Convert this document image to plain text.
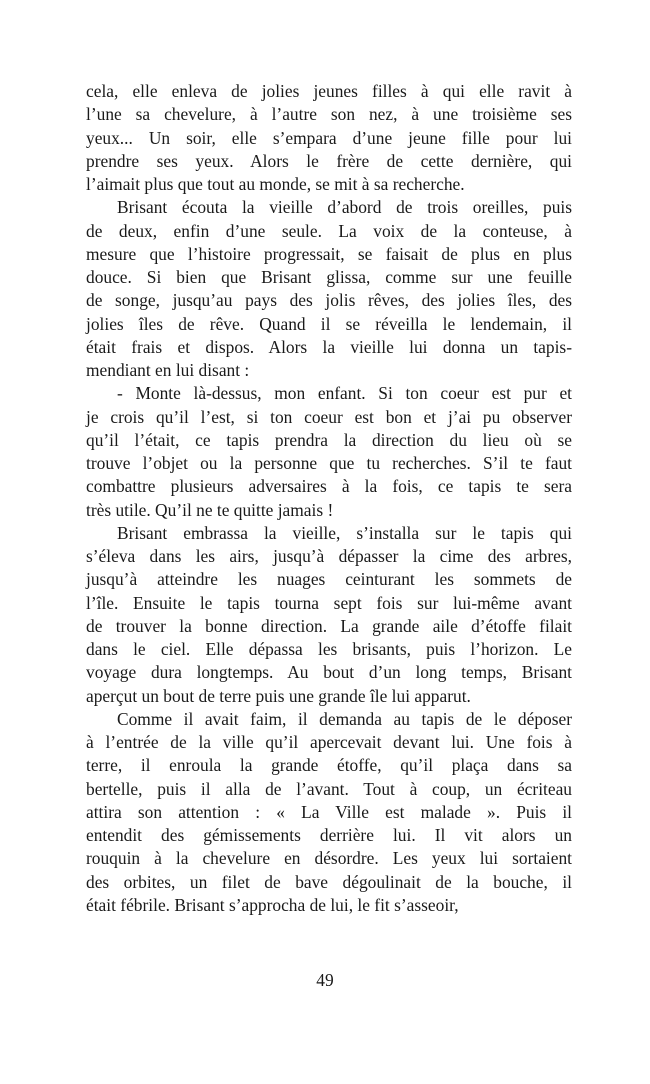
cela, elle enleva de jolies jeunes filles à qui elle ravit à
l’une sa chevelure, à l’autre son nez, à une troisième ses
yeux... Un soir, elle s’empara d’une jeune fille pour lui
prendre ses yeux. Alors le frère de cette dernière, qui
l’aimait plus que tout au monde, se mit à sa recherche.
Brisant écouta la vieille d’abord de trois oreilles, puis
de deux, enfin d’une seule. La voix de la conteuse, à
mesure que l’histoire progressait, se faisait de plus en plus
douce. Si bien que Brisant glissa, comme sur une feuille
de songe, jusqu’au pays des jolis rêves, des jolies îles, des
jolies îles de rêve. Quand il se réveilla le lendemain, il
était frais et dispos. Alors la vieille lui donna un tapis-
mendiant en lui disant :
- Monte là-dessus, mon enfant. Si ton coeur est pur et
je crois qu’il l’est, si ton coeur est bon et j’ai pu observer
qu’il l’était, ce tapis prendra la direction du lieu où se
trouve l’objet ou la personne que tu recherches. S’il te faut
combattre plusieurs adversaires à la fois, ce tapis te sera
très utile. Qu’il ne te quitte jamais !
Brisant embrassa la vieille, s’installa sur le tapis qui
s’éleva dans les airs, jusqu’à dépasser la cime des arbres,
jusqu’à atteindre les nuages ceinturant les sommets de
l’île. Ensuite le tapis tourna sept fois sur lui-même avant
de trouver la bonne direction. La grande aile d’étoffe filait
dans le ciel. Elle dépassa les brisants, puis l’horizon. Le
voyage dura longtemps. Au bout d’un long temps, Brisant
aperçut un bout de terre puis une grande île lui apparut.
Comme il avait faim, il demanda au tapis de le déposer
à l’entrée de la ville qu’il apercevait devant lui. Une fois à
terre, il enroula la grande étoffe, qu’il plaça dans sa
bertelle, puis il alla de l’avant. Tout à coup, un écriteau
attira son attention : « La Ville est malade ». Puis il
entendit des gémissements derrière lui. Il vit alors un
rouquin à la chevelure en désordre. Les yeux lui sortaient
des orbites, un filet de bave dégoulinait de la bouche, il
était fébrile. Brisant s’approcha de lui, le fit s’asseoir,
49
